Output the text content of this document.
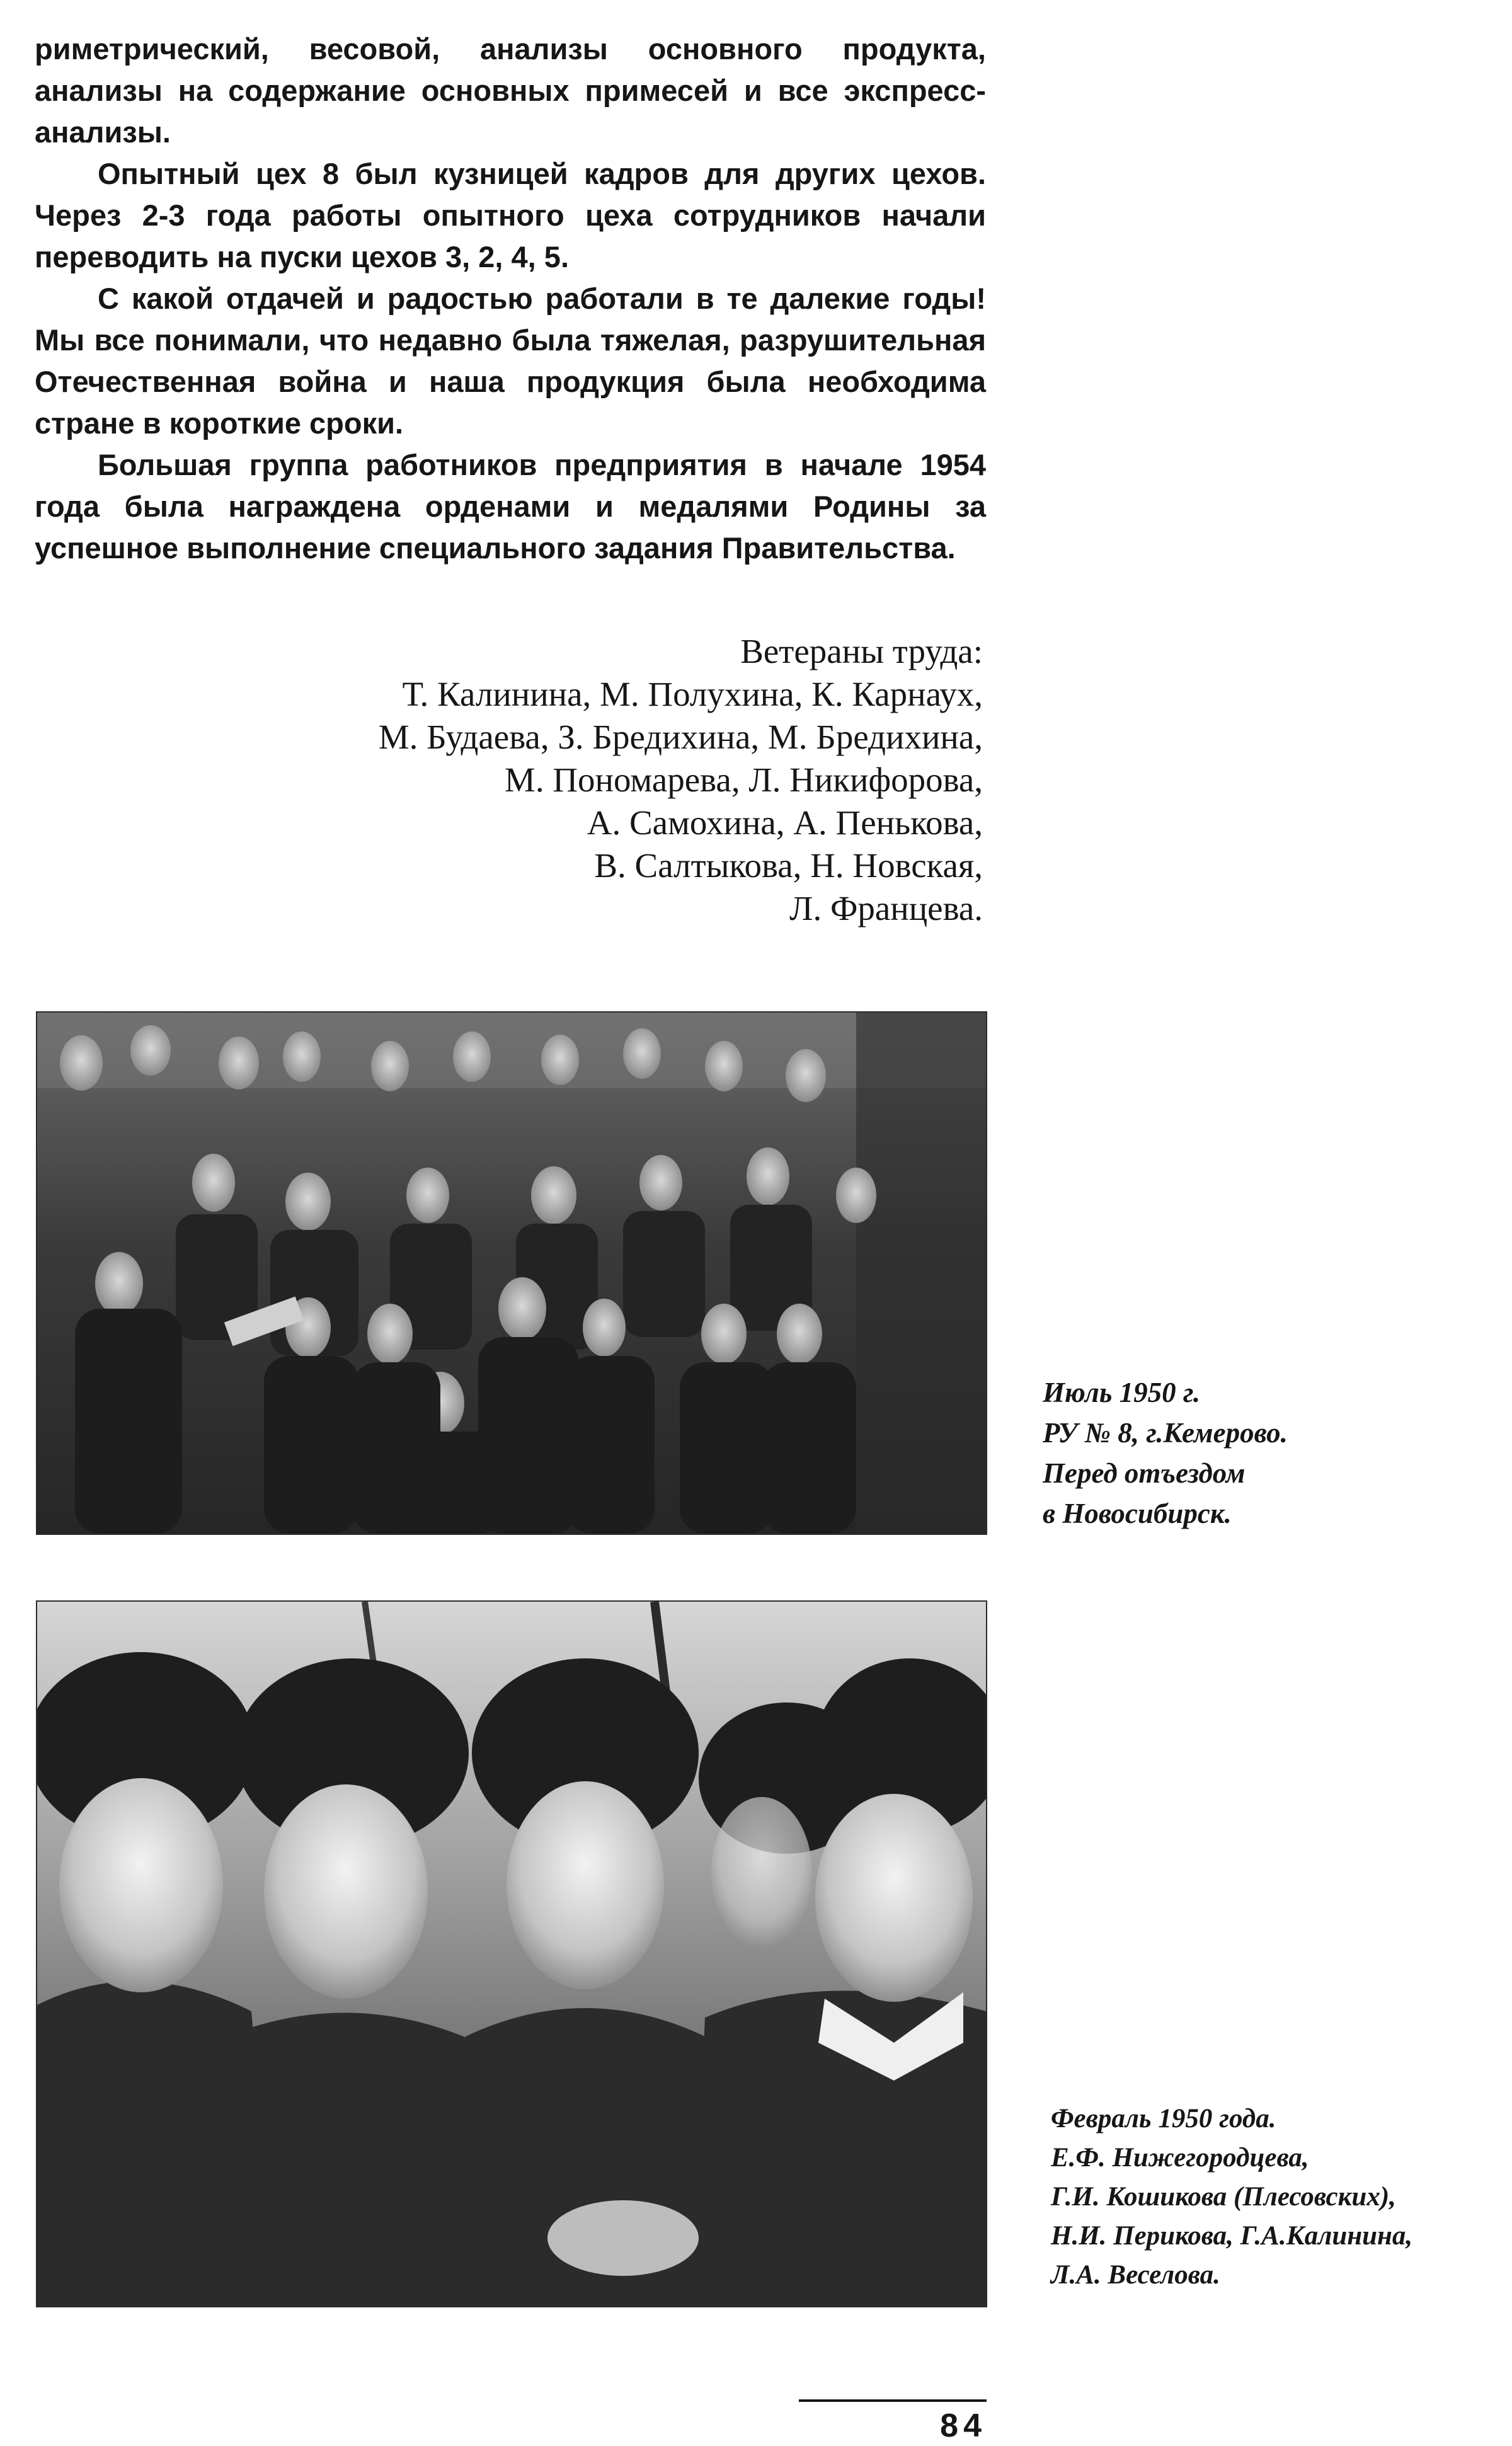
риметрический, весовой, анализы основного продукта, анализы на содержание основных примесей и все экспресс-анализы.

Опытный цех 8 был кузницей кадров для других цехов. Через 2-3 года работы опытного цеха сотрудников начали переводить на пуски цехов 3, 2, 4, 5.

С какой отдачей и радостью работали в те далекие годы! Мы все понимали, что недавно была тяжелая, разрушительная Отечественная война и наша продукция была необходима стране в короткие сроки.

Большая группа работников предприятия в начале 1954 года была награждена орденами и медалями Родины за успешное выполнение специального задания Правительства.

Ветераны труда:
Т. Калинина, М. Полухина, К. Карнаух,
М. Будаева, З. Бредихина, М. Бредихина,
М. Пономарева, Л. Никифорова,
А. Самохина, А. Пенькова,
В. Салтыкова, Н. Новская,
Л. Францева.
Июль 1950 г.
РУ № 8, г.Кемерово.
Перед отъездом
в Новосибирск.
Февраль 1950 года.
Е.Ф. Нижегородцева,
Г.И. Кошикова (Плесовских),
Н.И. Перикова, Г.А.Калинина,
Л.А. Веселова.
84
